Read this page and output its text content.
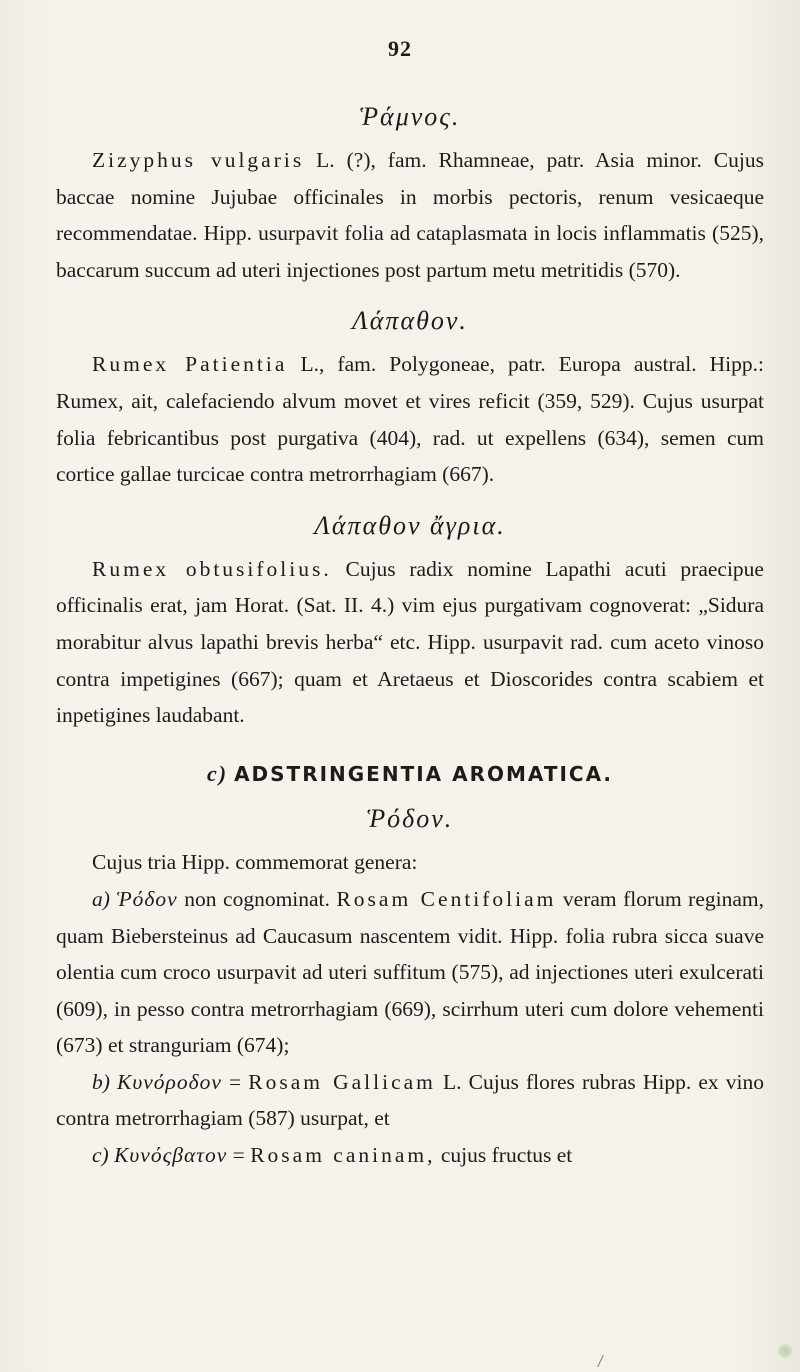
92
Ῥάμνος.

Zizyphus vulgaris L. (?), fam. Rhamneae, patr. Asia minor. Cujus baccae nomine Jujubae officinales in morbis pectoris, renum vesicaeque recommendatae. Hipp. usurpavit folia ad cataplasmata in locis inflammatis (525), baccarum succum ad uteri injectiones post partum metu metritidis (570).

Λάπαθον.

Rumex Patientia L., fam. Polygoneae, patr. Europa austral. Hipp.: Rumex, ait, calefaciendo alvum movet et vires reficit (359, 529). Cujus usurpat folia febricantibus post purgativa (404), rad. ut expellens (634), semen cum cortice gallae turcicae contra metrorrhagiam (667).

Λάπαθον ἄγρια.

Rumex obtusifolius. Cujus radix nomine Lapathi acuti praecipue officinalis erat, jam Horat. (Sat. II. 4.) vim ejus purgativam cognoverat: „Sidura morabitur alvus lapathi brevis herba“ etc. Hipp. usurpavit rad. cum aceto vinoso contra impetigines (667); quam et Aretaeus et Dioscorides contra scabiem et inpetigines laudabant.

c) ADSTRINGENTIA AROMATICA.
Ῥόδον.

Cujus tria Hipp. commemorat genera:

a) Ῥόδον non cognominat. Rosam Centifoliam veram florum reginam, quam Biebersteinus ad Caucasum nascentem vidit. Hipp. folia rubra sicca suave olentia cum croco usurpavit ad uteri suffitum (575), ad injectiones uteri exulcerati (609), in pesso contra metrorrhagiam (669), scirrhum uteri cum dolore vehementi (673) et stranguriam (674);

b) Κυνόροδον = Rosam Gallicam L. Cujus flores rubras Hipp. ex vino contra metrorrhagiam (587) usurpat, et

c) Κυνόςβατον = Rosam caninam, cujus fructus et
